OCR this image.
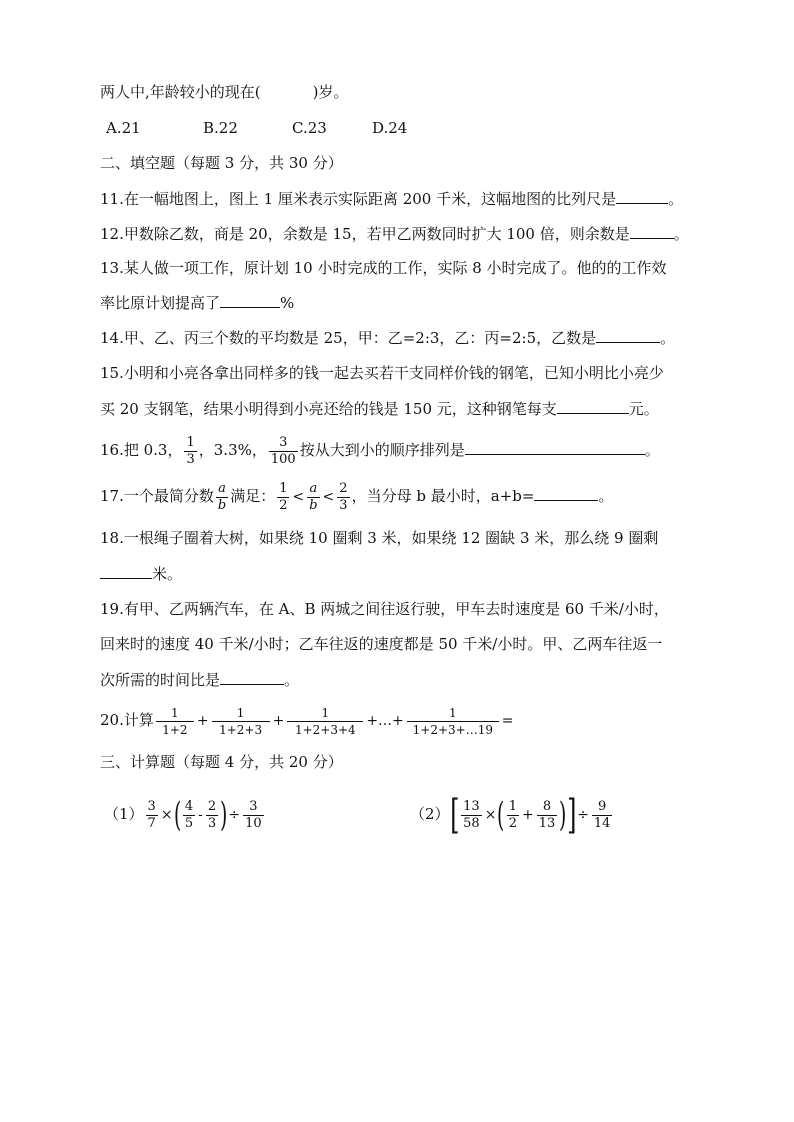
两人中,年龄较小的现在(	)岁。
A.21	B.22	C.23	D.24
二、填空题（每题 3 分，共 30 分）
11.在一幅地图上，图上 1 厘米表示实际距离 200 千米，这幅地图的比列尺是	。
12.甲数除乙数，商是 20，余数是 15，若甲乙两数同时扩大 100 倍，则余数是	。
13.某人做一项工作，原计划 10 小时完成的工作，实际 8 小时完成了。他的的工作效
率比原计划提高了	%
14.甲、乙、丙三个数的平均数是 25，甲：乙=2:3，乙：丙=2:5，乙数是	。
15.小明和小亮各拿出同样多的钱一起去买若干支同样价钱的钢笔，已知小明比小亮少
买 20 支钢笔，结果小明得到小亮还给的钱是 150 元，这种钢笔每支	元。
16.把 0.3， $\frac{1}{3}$ ，3.3%， $\frac{3}{100}$ 按从大到小的顺序排列是	。
17.一个最简分数 $\frac{a}{b}$ 满足： $\frac{1}{2} < \frac{a}{b} < \frac{2}{3}$ ，当分母 b 最小时，a+b=	。
18.一根绳子圈着大树，如果绕 10 圈剩 3 米，如果绕 12 圈缺 3 米，那么绕 9 圈剩
米。
19.有甲、乙两辆汽车，在 A、B 两城之间往返行驶，甲车去时速度是 60 千米/小时，
回来时的速度 40 千米/小时；乙车往返的速度都是 50 千米/小时。甲、乙两车往返一
次所需的时间比是	。
20.计算 $\frac{1}{1+2} + \frac{1}{1+2+3} + \frac{1}{1+2+3+4}$ +…+ $\frac{1}{1+2+3+\dots 19}$ =
三、计算题（每题 4 分，共 20 分）
$(1) \frac{3}{7}$ ×( $\frac{4}{5} - \frac{2}{3}$ )÷ $\frac{3}{10}$	$(2)[ \frac{13}{58}$ ×( $\frac{1}{2} + \frac{8}{13}$ )]÷ $\frac{9}{14}$
